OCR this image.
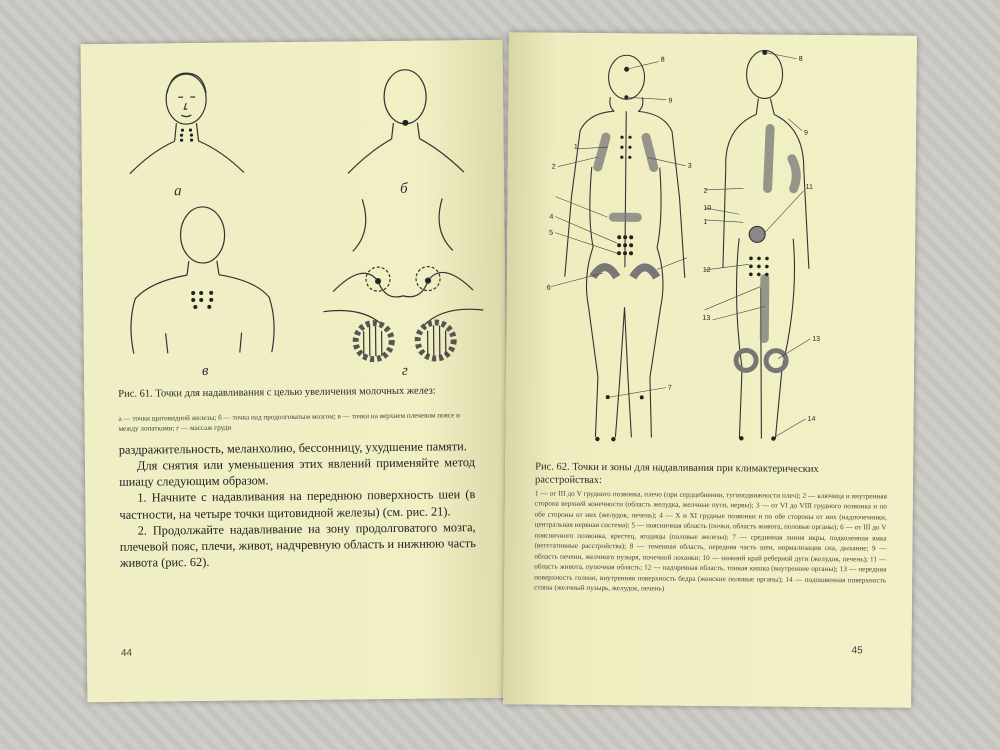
а	б
в	г
Рис. 61. Точки для надавливания с целью увеличения молочных желез:
а — точки щитовидной железы; б — точка над продолговатым мозгом; в — точки на верхнем плечевом поясе и между лопатками; г — массаж груди

раздражительность, меланхолию, бессонницу, ухудшение памяти.

Для снятия или уменьшения этих явлений применяйте метод шиацу следующим образом.

1. Начните с надавливания на переднюю поверхность шеи (в частности, на четыре точки щитовидной железы) (см. рис. 21).

2. Продолжайте надавливание на зону продолговатого мозга, плечевой пояс, плечи, живот, надчревную область и нижнюю часть живота (рис. 62).

44
8
9
1
2	3
4
5
6
7
8
9
2
10
1
11
12
13
13
14
Рис. 62. Точки и зоны для надавливания при климактерических расстройствах:
1 — от III до V грудного позвонка, плечо (при сердцебиении, тугоподвижности плеч); 2 — ключица и внутренняя сторона верхней конечности (область желудка, желчные пути, нервы); 3 — от VI до VIII грудного позвонка и по обе стороны от них (желудок, печень); 4 — X и XI грудные позвонки и по обе стороны от них (надпочечники, центральная нервная система); 5 — поясничная область (почки, область живота, половые органы); 6 — от III до V поясничного позвонка, крестец, ягодицы (половые железы); 7 — срединная линия икры, подколенная ямка (вегетативные расстройства); 8 — теменная область, передняя часть шеи, нормализация сна, дыхание; 9 — область печени, желчного пузыря, почечной лоханки; 10 — нижний край реберной дуги (желудок, печень); 11 — область живота, пупочная область; 12 — надчревная область, тонкая кишка (внутренние органы); 13 — передняя поверхность голени, внутренняя поверхность бедра (женские половые органы); 14 — подошвенная поверхность стопы (желчный пузырь, желудок, печень)
45
